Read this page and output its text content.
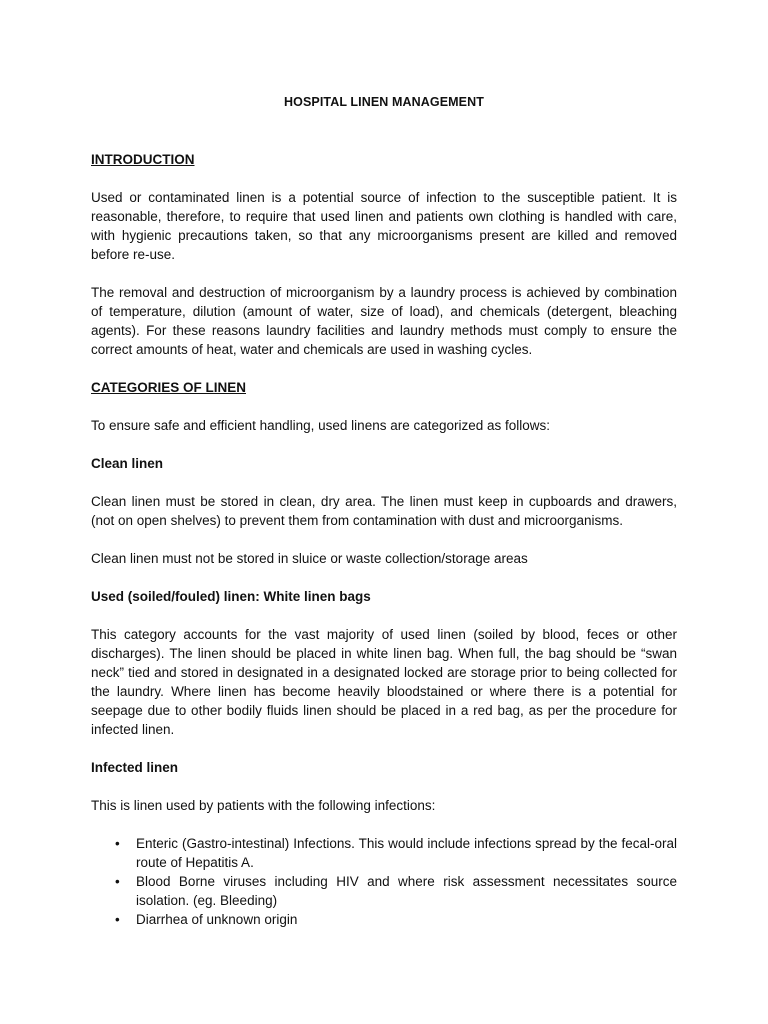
HOSPITAL LINEN MANAGEMENT
INTRODUCTION

Used or contaminated linen is a potential source of infection to the susceptible patient. It is reasonable, therefore, to require that used linen and patients own clothing is handled with care, with hygienic precautions taken, so that any microorganisms present are killed and removed before re-use.

The removal and destruction of microorganism by a laundry process is achieved by combination of temperature, dilution (amount of water, size of load), and chemicals (detergent, bleaching agents). For these reasons laundry facilities and laundry methods must comply to ensure the correct amounts of heat, water and chemicals are used in washing cycles.

CATEGORIES OF LINEN

To ensure safe and efficient handling, used linens are categorized as follows:

Clean linen

Clean linen must be stored in clean, dry area. The linen must keep in cupboards and drawers, (not on open shelves) to prevent them from contamination with dust and microorganisms.

Clean linen must not be stored in sluice or waste collection/storage areas

Used (soiled/fouled) linen: White linen bags

This category accounts for the vast majority of used linen (soiled by blood, feces or other discharges). The linen should be placed in white linen bag. When full, the bag should be “swan neck” tied and stored in designated in a designated locked are storage prior to being collected for the laundry. Where linen has become heavily bloodstained or where there is a potential for seepage due to other bodily fluids linen should be placed in a red bag, as per the procedure for infected linen.

Infected linen

This is linen used by patients with the following infections:

• Enteric (Gastro-intestinal) Infections. This would include infections spread by the fecal-oral route of Hepatitis A.
• Blood Borne viruses including HIV and where risk assessment necessitates source isolation. (eg. Bleeding)
• Diarrhea of unknown origin
